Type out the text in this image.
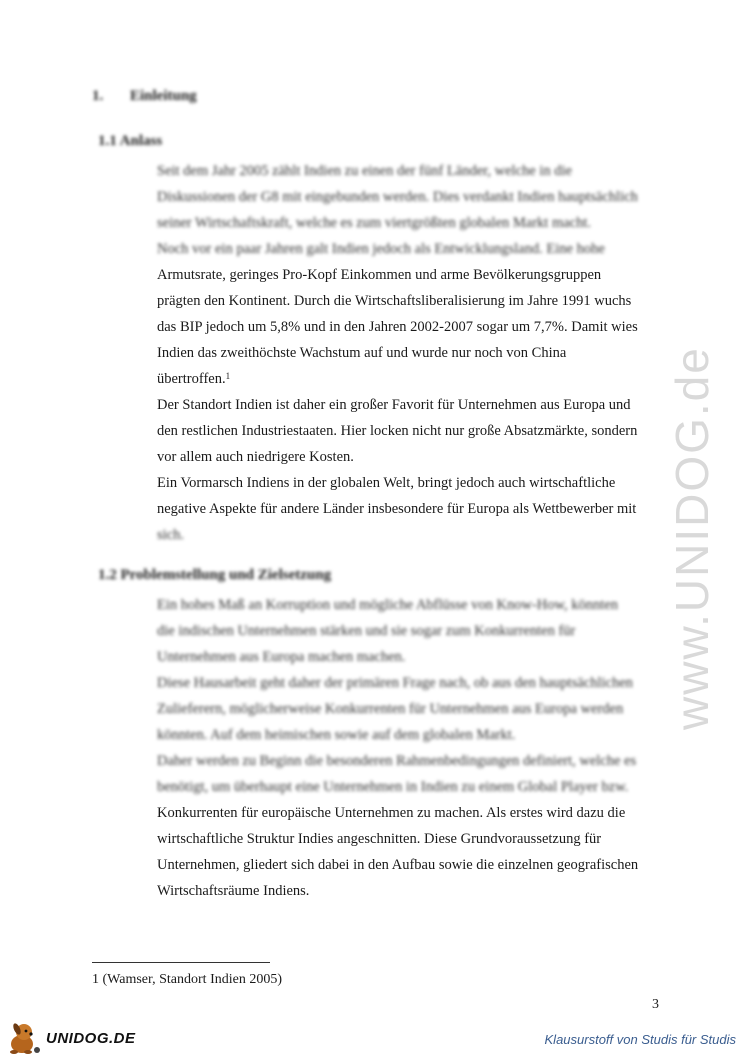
1. Einleitung
1.1 Anlass
Seit dem Jahr 2005 zählt Indien zu einen der fünf Länder, welche in die
Diskussionen der G8 mit eingebunden werden. Dies verdankt Indien hauptsächlich
seiner Wirtschaftskraft, welche es zum viertgrößten globalen Markt macht.
Noch vor ein paar Jahren galt Indien jedoch als Entwicklungsland. Eine hohe
Armutsrate, geringes Pro-Kopf Einkommen und arme Bevölkerungsgruppen
prägten den Kontinent. Durch die Wirtschaftsliberalisierung im Jahre 1991 wuchs
das BIP jedoch um 5,8% und in den Jahren 2002-2007 sogar um 7,7%. Damit wies
Indien das zweithöchste Wachstum auf und wurde nur noch von China
übertroffen.$^1$
Der Standort Indien ist daher ein großer Favorit für Unternehmen aus Europa und
den restlichen Industriestaaten. Hier locken nicht nur große Absatzmärkte, sondern
vor allem auch niedrigere Kosten.
Ein Vormarsch Indiens in der globalen Welt, bringt jedoch auch wirtschaftliche
negative Aspekte für andere Länder insbesondere für Europa als Wettbewerber mit
sich.
1.2 Problemstellung und Zielsetzung
Ein hohes Maß an Korruption und mögliche Abflüsse von Know-How, könnten
die indischen Unternehmen stärken und sie sogar zum Konkurrenten für
Unternehmen aus Europa machen machen.
Diese Hausarbeit geht daher der primären Frage nach, ob aus den hauptsächlichen
Zulieferern, möglicherweise Konkurrenten für Unternehmen aus Europa werden
könnten. Auf dem heimischen sowie auf dem globalen Markt.
Daher werden zu Beginn die besonderen Rahmenbedingungen definiert, welche es
benötigt, um überhaupt eine Unternehmen in Indien zu einem Global Player bzw.
Konkurrenten für europäische Unternehmen zu machen. Als erstes wird dazu die
wirtschaftliche Struktur Indies angeschnitten. Diese Grundvoraussetzung für
Unternehmen, gliedert sich dabei in den Aufbau sowie die einzelnen geografischen
Wirtschaftsräume Indiens.
www.UNIDOG.de
1 (Wamser, Standort Indien 2005)
3
UNIDOG.DE	Klausurstoff von Studis für Studis
